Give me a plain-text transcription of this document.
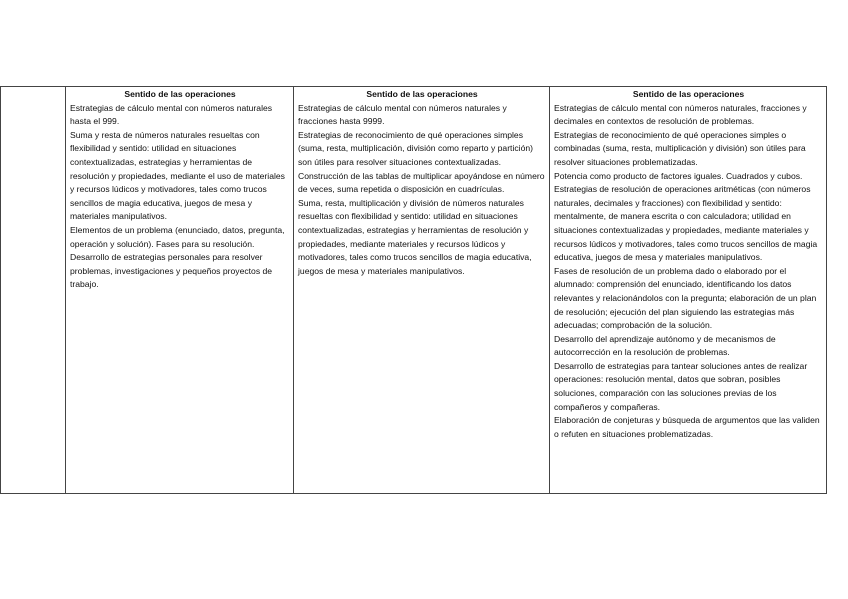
Sentido de las operaciones
Estrategias de cálculo mental con números naturales hasta el 999.
Suma y resta de números naturales resueltas con flexibilidad y sentido: utilidad en situaciones contextualizadas, estrategias y herramientas de resolución y propiedades, mediante el uso de materiales y recursos lúdicos y motivadores, tales como trucos sencillos de magia educativa, juegos de mesa y materiales manipulativos.
Elementos de un problema (enunciado, datos, pregunta, operación y solución). Fases para su resolución.
Desarrollo de estrategias personales para resolver problemas, investigaciones y pequeños proyectos de trabajo.

Sentido de las operaciones
Estrategias de cálculo mental con números naturales y fracciones hasta 9999.
Estrategias de reconocimiento de qué operaciones simples (suma, resta, multiplicación, división como reparto y partición) son útiles para resolver situaciones contextualizadas.
Construcción de las tablas de multiplicar apoyándose en número de veces, suma repetida o disposición en cuadrículas.
Suma, resta, multiplicación y división de números naturales resueltas con flexibilidad y sentido: utilidad en situaciones contextualizadas, estrategias y herramientas de resolución y propiedades, mediante materiales y recursos lúdicos y motivadores, tales como trucos sencillos de magia educativa, juegos de mesa y materiales manipulativos.

Sentido de las operaciones
Estrategias de cálculo mental con números naturales, fracciones y decimales en contextos de resolución de problemas.
Estrategias de reconocimiento de qué operaciones simples o combinadas (suma, resta, multiplicación y división) son útiles para resolver situaciones problematizadas.
Potencia como producto de factores iguales. Cuadrados y cubos.
Estrategias de resolución de operaciones aritméticas (con números naturales, decimales y fracciones) con flexibilidad y sentido: mentalmente, de manera escrita o con calculadora; utilidad en situaciones contextualizadas y propiedades, mediante materiales y recursos lúdicos y motivadores, tales como trucos sencillos de magia educativa, juegos de mesa y materiales manipulativos.
Fases de resolución de un problema dado o elaborado por el alumnado: comprensión del enunciado, identificando los datos relevantes y relacionándolos con la pregunta; elaboración de un plan de resolución; ejecución del plan siguiendo las estrategias más adecuadas; comprobación de la solución.
Desarrollo del aprendizaje autónomo y de mecanismos de autocorrección en la resolución de problemas.
Desarrollo de estrategias para tantear soluciones antes de realizar operaciones: resolución mental, datos que sobran, posibles soluciones, comparación con las soluciones previas de los compañeros y compañeras.
Elaboración de conjeturas y búsqueda de argumentos que las validen o refuten en situaciones problematizadas.
